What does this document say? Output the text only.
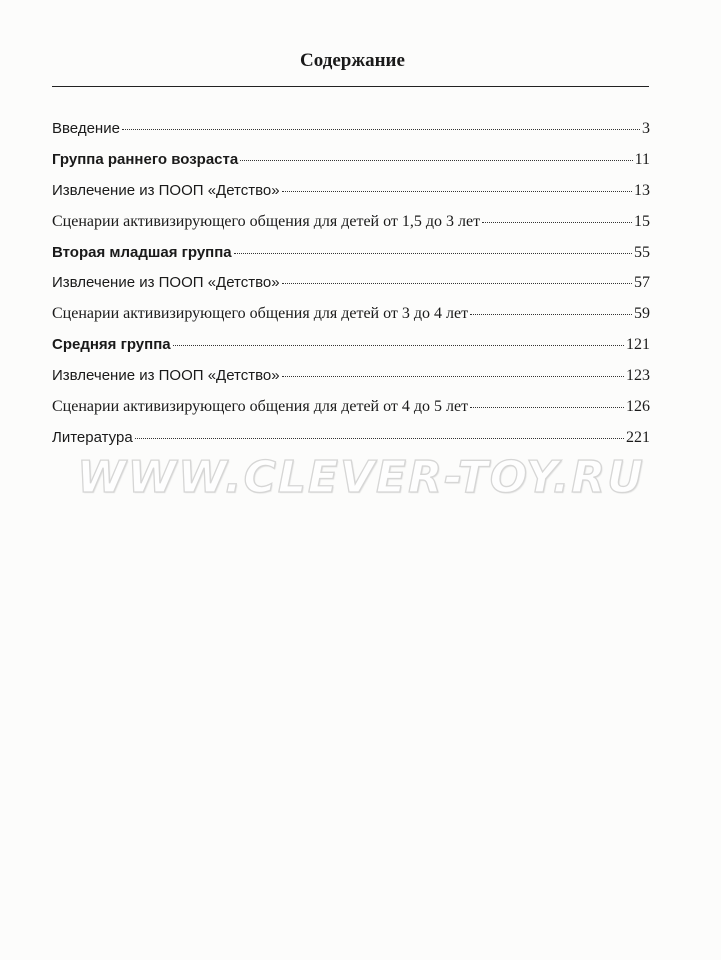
Содержание
Введение	3
Группа раннего возраста	11
Извлечение из ПООП «Детство»	13
Сценарии активизирующего общения для детей от 1,5 до 3 лет	15
Вторая младшая группа	55
Извлечение из ПООП «Детство»	57
Сценарии активизирующего общения для детей от 3 до 4 лет	59
Средняя группа	121
Извлечение из ПООП «Детство»	123
Сценарии активизирующего общения для детей от 4 до 5 лет	126
Литература	221
WWW.CLEVER-TOY.RU
